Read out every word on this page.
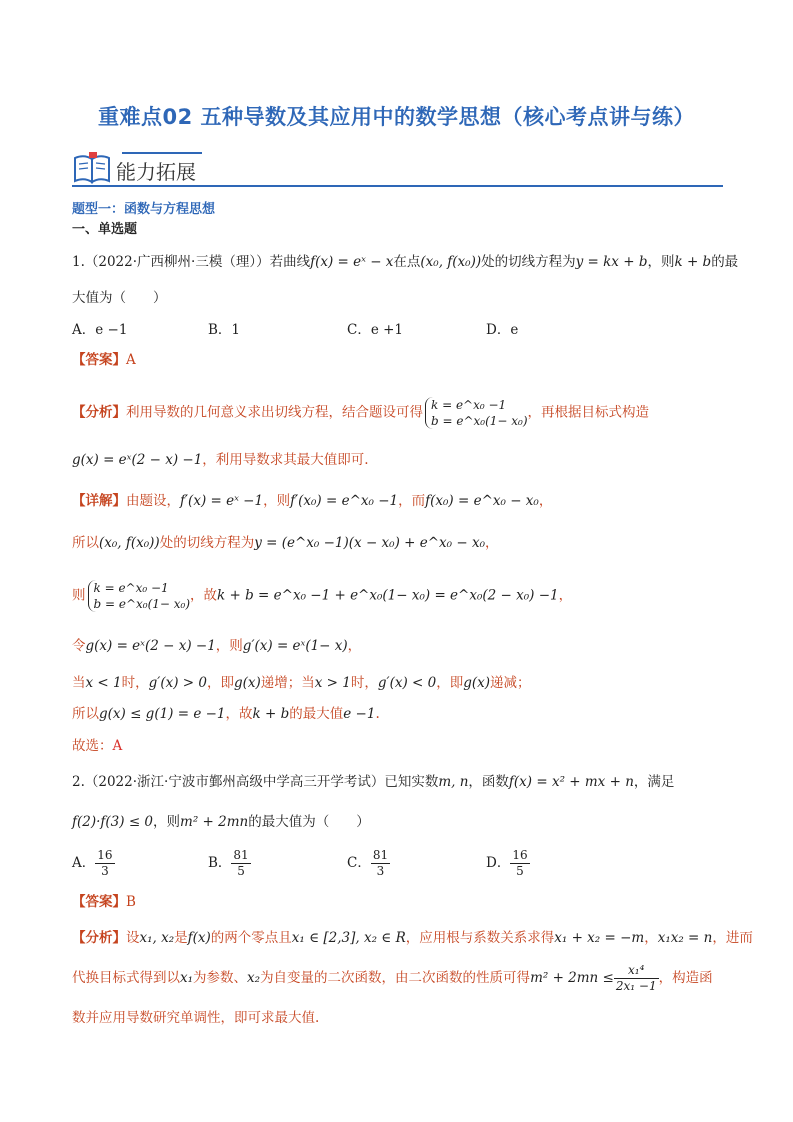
重难点02 五种导数及其应用中的数学思想（核心考点讲与练）
能力拓展
题型一：函数与方程思想
一、单选题
1.（2022·广西柳州·三模（理））若曲线f(x) = eˣ − x在点(x₀, f(x₀))处的切线方程为y = kx + b，则k + b的最
大值为（　　）
A．e −1	B．1	C．e +1	D．e
【答案】A
【分析】利用导数的几何意义求出切线方程，结合题设可得 k = e^x₀ −1
b = e^x₀(1− x₀)
，再根据目标式构造
g(x) = eˣ(2 − x) −1，利用导数求其最大值即可.
【详解】由题设，f′(x) = eˣ −1，则f′(x₀) = e^x₀ −1，而f(x₀) = e^x₀ − x₀，
所以(x₀, f(x₀))处的切线方程为y = (e^x₀ −1)(x − x₀) + e^x₀ − x₀，
则 k = e^x₀ −1
b = e^x₀(1− x₀)
，故k + b = e^x₀ −1 + e^x₀(1− x₀) = e^x₀(2 − x₀) −1，
令g(x) = eˣ(2 − x) −1，则g′(x) = eˣ(1− x)，
当x < 1时，g′(x) > 0，即g(x)递增；当x > 1时，g′(x) < 0，即g(x)递减；
所以g(x) ≤ g(1) = e −1，故k + b的最大值e −1.
故选：A
2.（2022·浙江·宁波市鄞州高级中学高三开学考试）已知实数m, n，函数f(x) = x² + mx + n，满足
f(2)·f(3) ≤ 0，则m² + 2mn的最大值为（　　）
A． $\frac{16}{3}$	B． $\frac{81}{5}$	C． $\frac{81}{3}$	D． $\frac{16}{5}$
【答案】B
【分析】设x₁, x₂是f(x)的两个零点且x₁ ∈ [2,3], x₂ ∈ R，应用根与系数关系求得x₁ + x₂ = −m，x₁x₂ = n，进而
代换目标式得到以x₁为参数、x₂为自变量的二次函数，由二次函数的性质可得$m^2 + 2mn \le \frac{\text{x₁⁴}}{\text{2x₁ −1}}$ ，构造函
数并应用导数研究单调性，即可求最大值.
